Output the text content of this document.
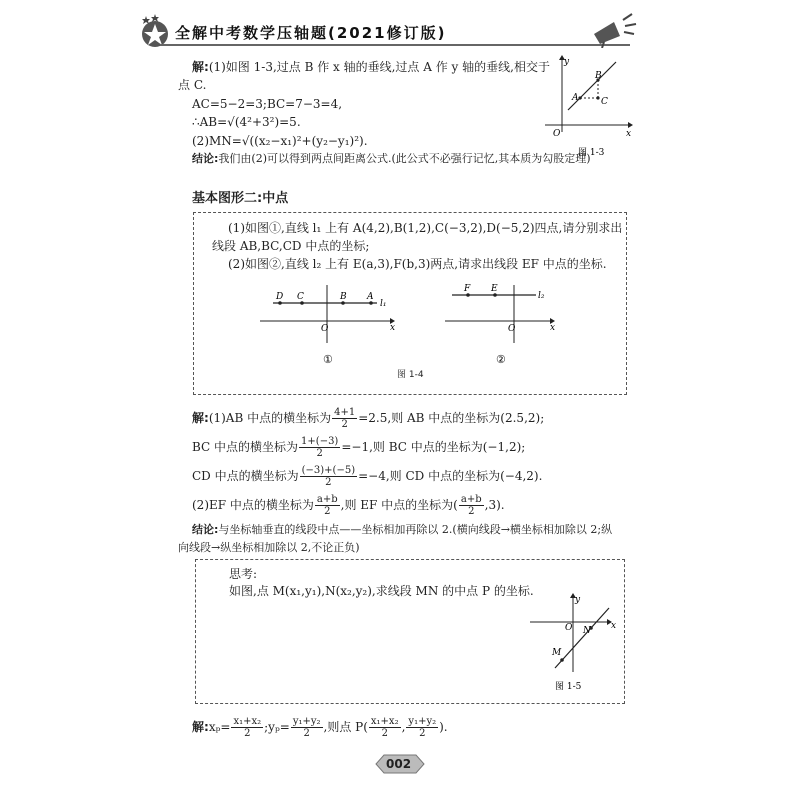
全解中考数学压轴题(2021修订版)
解:(1)如图 1-3,过点 B 作 x 轴的垂线,过点 A 作 y 轴的垂线,相交于
点 C.
AC=5−2=3;BC=7−3=4,
∴AB=√(4²+3²)=5.
(2)MN=√((x₂−x₁)²+(y₂−y₁)²).
结论:我们由(2)可以得到两点间距离公式.(此公式不必强行记忆,其本质为勾股定理)
y
x
O
A
B
C
图 1-3
基本图形二:中点
(1)如图①,直线 l₁ 上有 A(4,2),B(1,2),C(−3,2),D(−5,2)四点,请分别求出
线段 AB,BC,CD 中点的坐标;
(2)如图②,直线 l₂ 上有 E(a,3),F(b,3)两点,请求出线段 EF 中点的坐标.
D C	B A
l₁
O	x
①
F E
l₂
O	x
②
图 1-4
解:(1)AB 中点的横坐标为 $\frac{4+1}{2} =2.5$,则 AB 中点的坐标为(2.5,2);
BC 中点的横坐标为 $\frac{1+(-3)}{2} =-1$,则 BC 中点的坐标为(−1,2);
CD 中点的横坐标为 $\frac{(-3)+(-5)}{2} =-4$,则 CD 中点的坐标为(−4,2).
(2)EF 中点的横坐标为 $\frac{a+b}{2}$ ,则 EF 中点的坐标为( $\frac{a+b}{2} ,3$).
结论:与坐标轴垂直的线段中点——坐标相加再除以 2.(横向线段→横坐标相加除以 2;纵
向线段→纵坐标相加除以 2,不论正负)
思考:
如图,点 M(x₁,y₁),N(x₂,y₂),求线段 MN 的中点 P 的坐标.
y
x
O
M
N
图 1-5
解:xₚ= $\frac{\text{x₁+x₂}}{2}$ ;yₚ= $\frac{\text{y₁+y₂}}{2}$ ,则点 $P( \frac{\text{x₁+x₂}}{2}$ , $\frac{\text{y₁+y₂}}{2}$ ).
002
